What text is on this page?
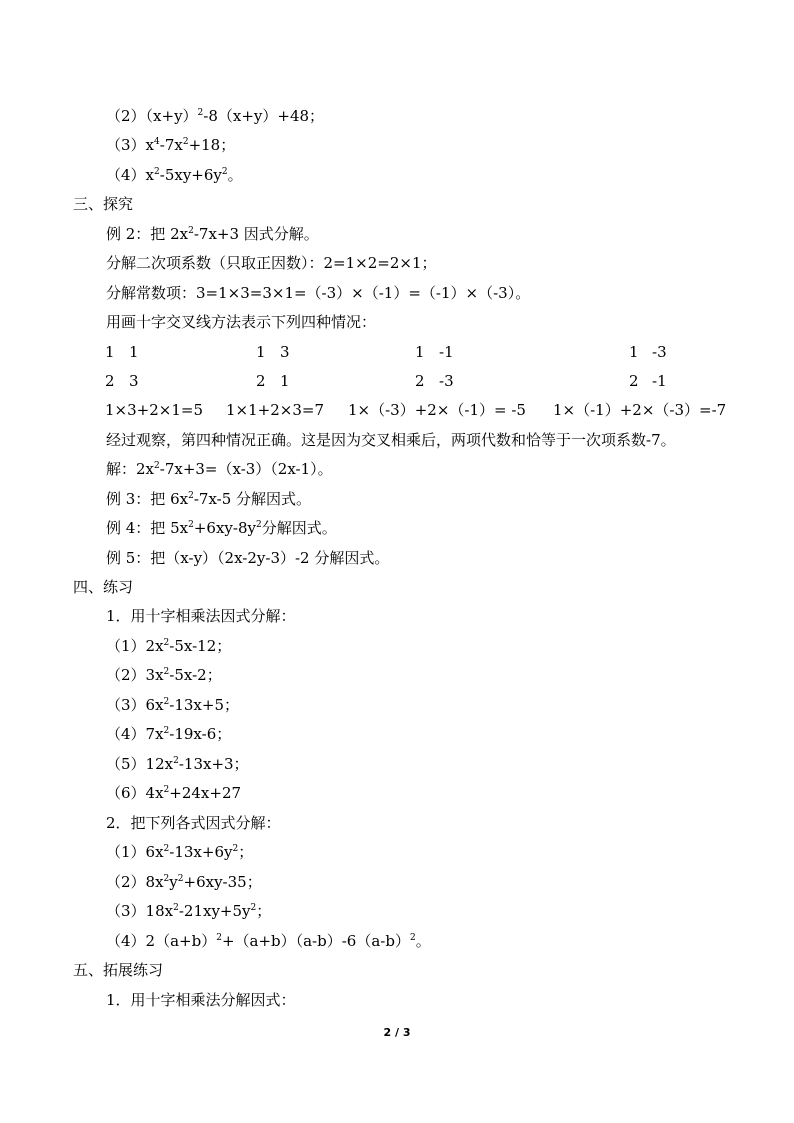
$(2)(x+y)^2-8(x+y)+48$；
$(3)x^4-7x^2+18$；
$(4)x^2-5xy+6y^2$。
三、探究
例 2：把 $2x^2-7x+3$ 因式分解。
分解二次项系数（只取正因数）：2=1×2=2×1；
分解常数项：3=1×3=3×1=（-3）×（-1）=（-1）×（-3）。
用画十字交叉线方法表示下列四种情况：
1 1
2 3
1 3
2 1
1 -1
2 -3
1 -3
2 -1
1×3+2×1=5 1×1+2×3=7 1×（-3）+2×（-1）= -5 1×（-1）+2×（-3）=-7
经过观察，第四种情况正确。这是因为交叉相乘后，两项代数和恰等于一次项系数-7。
解：$2x^2-7x+3=(x-3)(2x-1)$。
例 3：把 $6x^2-7x-5$ 分解因式。
例 4：把 $5x^2+6xy-8y^2$分解因式。
例 5：把（x-y）（2x-2y-3）-2 分解因式。
四、练习
1．用十字相乘法因式分解：
$(1)2x^2-5x-12$；
$(2)3x^2-5x-2$；
$(3)6x^2-13x+5$；
$(4)7x^2-19x-6$；
$(5)12x^2-13x+3$；
$(6)4x^2+24x+27$
2．把下列各式因式分解：
$(1)6x^2-13x+6y^2$；
$(2)8x^2y^2+6xy-35$；
$(3)18x^2-21xy+5y^2$；
$(4)2(a+b)^2+(a+b)(a-b)-6(a-b)^2$。
五、拓展练习
1．用十字相乘法分解因式：
2 / 3
